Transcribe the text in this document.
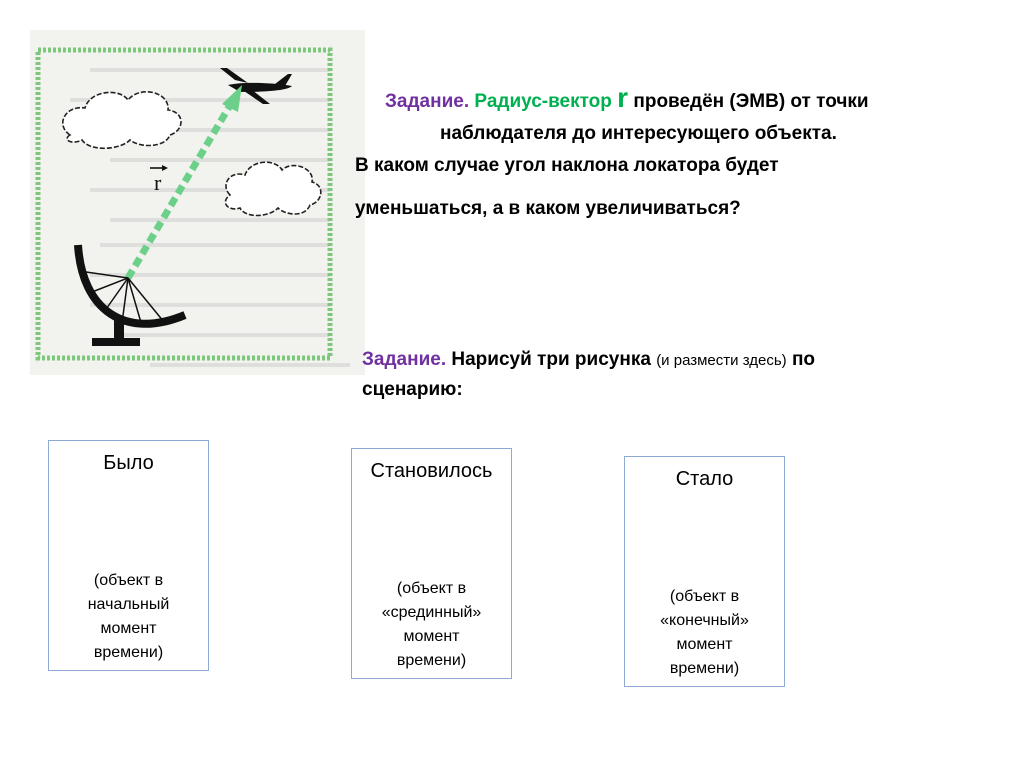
r
Задание. Радиус-вектор r проведён (ЭМВ) от точки
наблюдателя до интересующего объекта.
В каком случае угол наклона локатора будет
уменьшаться, а в каком увеличиваться?
Задание. Нарисуй три рисунка (и размести здесь) по
сценарию:
Было
(объект в
начальный
момент
времени)
Становилось
(объект в
«срединный»
момент
времени)
Стало
(объект в
«конечный»
момент
времени)
